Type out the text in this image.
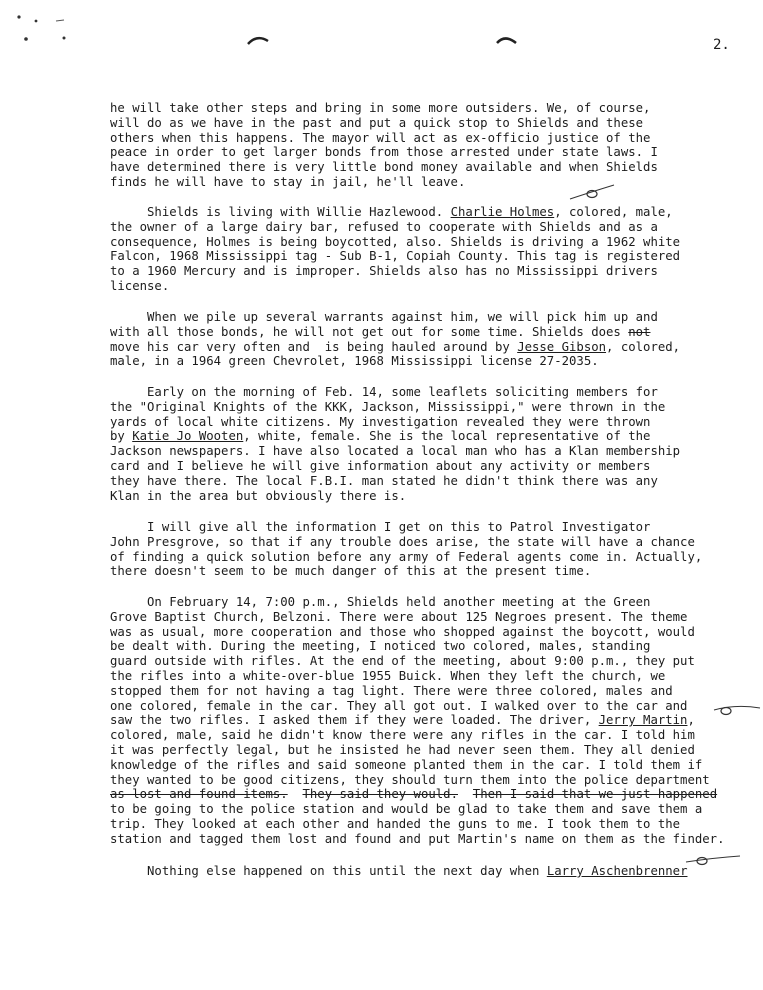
2.
he will take other steps and bring in some more outsiders. We, of course,
will do as we have in the past and put a quick stop to Shields and these
others when this happens. The mayor will act as ex-officio justice of the
peace in order to get larger bonds from those arrested under state laws. I
have determined there is very little bond money available and when Shields
finds he will have to stay in jail, he'll leave.
Shields is living with Willie Hazlewood. Charlie Holmes, colored, male,
the owner of a large dairy bar, refused to cooperate with Shields and as a
consequence, Holmes is being boycotted, also. Shields is driving a 1962 white
Falcon, 1968 Mississippi tag - Sub B-1, Copiah County. This tag is registered
to a 1960 Mercury and is improper. Shields also has no Mississippi drivers
license.
When we pile up several warrants against him, we will pick him up and
with all those bonds, he will not get out for some time. Shields does not
move his car very often and  is being hauled around by Jesse Gibson, colored,
male, in a 1964 green Chevrolet, 1968 Mississippi license 27-2035.
Early on the morning of Feb. 14, some leaflets soliciting members for
the "Original Knights of the KKK, Jackson, Mississippi," were thrown in the
yards of local white citizens. My investigation revealed they were thrown
by Katie Jo Wooten, white, female. She is the local representative of the
Jackson newspapers. I have also located a local man who has a Klan membership
card and I believe he will give information about any activity or members
they have there. The local F.B.I. man stated he didn't think there was any
Klan in the area but obviously there is.
I will give all the information I get on this to Patrol Investigator
John Presgrove, so that if any trouble does arise, the state will have a chance
of finding a quick solution before any army of Federal agents come in. Actually,
there doesn't seem to be much danger of this at the present time.
On February 14, 7:00 p.m., Shields held another meeting at the Green
Grove Baptist Church, Belzoni. There were about 125 Negroes present. The theme
was as usual, more cooperation and those who shopped against the boycott, would
be dealt with. During the meeting, I noticed two colored, males, standing
guard outside with rifles. At the end of the meeting, about 9:00 p.m., they put
the rifles into a white-over-blue 1955 Buick. When they left the church, we
stopped them for not having a tag light. There were three colored, males and
one colored, female in the car. They all got out. I walked over to the car and
saw the two rifles. I asked them if they were loaded. The driver, Jerry Martin,
colored, male, said he didn't know there were any rifles in the car. I told him
it was perfectly legal, but he insisted he had never seen them. They all denied
knowledge of the rifles and said someone planted them in the car. I told them if
they wanted to be good citizens, they should turn them into the police department
as lost and found items. They said they would. Then I said that we just happened
to be going to the police station and would be glad to take them and save them a
trip. They looked at each other and handed the guns to me. I took them to the
station and tagged them lost and found and put Martin's name on them as the finder.
Nothing else happened on this until the next day when Larry Aschenbrenner
